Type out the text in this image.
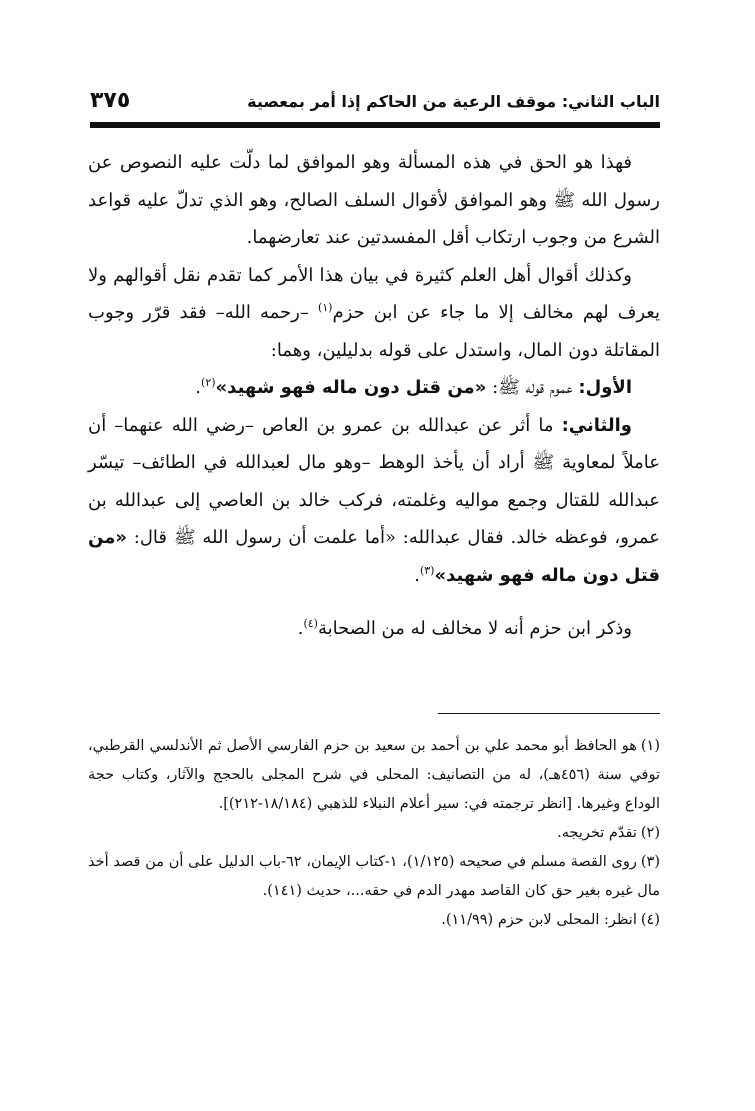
الباب الثاني: موقف الرعية من الحاكم إذا أمر بمعصية
٣٧٥

فهذا هو الحق في هذه المسألة وهو الموافق لما دلّت عليه النصوص عن رسول الله ﷺ وهو الموافق لأقوال السلف الصالح، وهو الذي تدلّ عليه قواعد الشرع من وجوب ارتكاب أقل المفسدتين عند تعارضهما.

وكذلك أقوال أهل العلم كثيرة في بيان هذا الأمر كما تقدم نقل أقوالهم ولا يعرف لهم مخالف إلا ما جاء عن ابن حزم$^{(١)}$ –رحمه الله– فقد قرّر وجوب المقاتلة دون المال، واستدل على قوله بدليلين، وهما:

الأول: عموم قوله ﷺ: «من قتل دون ماله فهو شهيد»$^{(٢)}$.

والثاني: ما أثر عن عبدالله بن عمرو بن العاص –رضي الله عنهما– أن عاملاً لمعاوية ﷺ أراد أن يأخذ الوهط –وهو مال لعبدالله في الطائف– تيسّر عبدالله للقتال وجمع مواليه وغلمته، فركب خالد بن العاصي إلى عبدالله بن عمرو، فوعظه خالد. فقال عبدالله: «أما علمت أن رسول الله ﷺ قال: «من قتل دون ماله فهو شهيد»$^{(٣)}$.

وذكر ابن حزم أنه لا مخالف له من الصحابة$^{(٤)}$.

(١)هو الحافظ أبو محمد علي بن أحمد بن سعيد بن حزم الفارسي الأصل ثم الأندلسي القرطبي، توفي سنة (٤٥٦هـ)، له من التصانيف: المحلى في شرح المجلى بالحجج والآثار، وكتاب حجة الوداع وغيرها. [انظر ترجمته في: سير أعلام النبلاء للذهبي (١٨/١٨٤-٢١٢)].

(٢)تقدّم تخريجه.

(٣)روى القصة مسلم في صحيحه (١/١٢٥)، ١-كتاب الإيمان، ٦٢-باب الدليل على أن من قصد أخذ مال غيره بغير حق كان القاصد مهدر الدم في حقه...، حديث (١٤١).

(٤)انظر: المحلى لابن حزم (١١/٩٩).
